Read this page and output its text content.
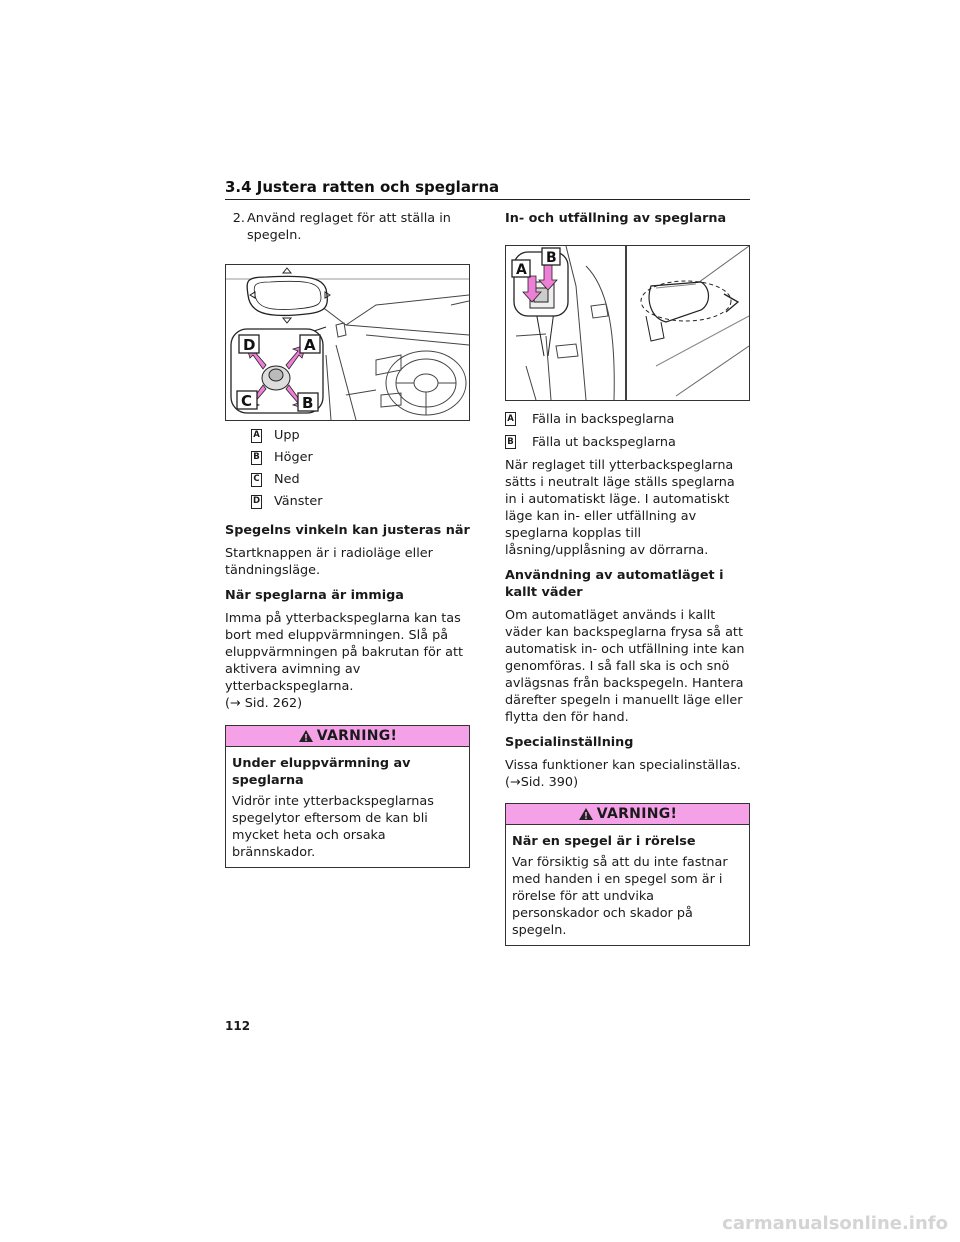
3.4 Justera ratten och speglarna
2. Använd reglaget för att ställa in spegeln.
D	A
C	B
A Upp
B Höger
C Ned
D Vänster
Spegelns vinkeln kan justeras när
Startknappen är i radioläge eller tändningsläge.
När speglarna är immiga
Imma på ytterbackspeglarna kan tas bort med eluppvärmningen. Slå på eluppvärmningen på bakrutan för att aktivera avimning av ytterbackspeglarna.
(→ Sid. 262)
VARNING!
Under eluppvärmning av speglarna
Vidrör inte ytterbackspeglarnas spegelytor eftersom de kan bli mycket heta och orsaka brännskador.
In- och utfällning av speglarna
A
B
A Fälla in backspeglarna
B Fälla ut backspeglarna
När reglaget till ytterbackspeglarna sätts i neutralt läge ställs speglarna in i automatiskt läge. I automatiskt läge kan in- eller utfällning av speglarna kopplas till låsning/upplåsning av dörrarna.
Användning av automatläget i kallt väder
Om automatläget används i kallt väder kan backspeglarna frysa så att automatisk in- och utfällning inte kan genomföras. I så fall ska is och snö avlägsnas från backspegeln. Hantera därefter spegeln i manuellt läge eller flytta den för hand.
Specialinställning
Vissa funktioner kan specialinställas.
(→Sid. 390)
VARNING!
När en spegel är i rörelse
Var försiktig så att du inte fastnar med handen i en spegel som är i rörelse för att undvika personskador och skador på spegeln.
112
carmanualsonline.info
